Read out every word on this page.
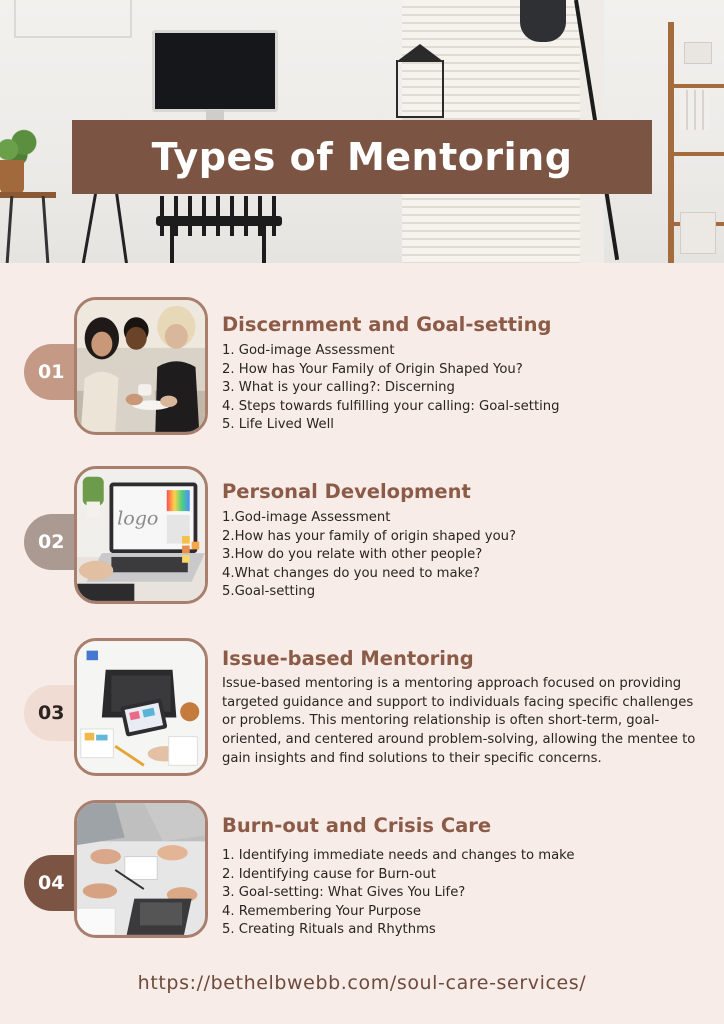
Types of Mentoring
01
Discernment and Goal-setting
1. God-image Assessment
2. How has Your Family of Origin Shaped You?
3. What is your calling?: Discerning
4. Steps towards fulfilling your calling: Goal-setting
5. Life Lived Well
02
logo
Personal Development
1.God-image Assessment
2.How has your family of origin shaped you?
3.How do you relate with other people?
4.What changes do you need to make?
5.Goal-setting
03
Issue-based Mentoring

Issue-based mentoring is a mentoring approach focused on providing targeted guidance and support to individuals facing specific challenges or problems. This mentoring relationship is often short-term, goal-oriented, and centered around problem-solving, allowing the mentee to gain insights and find solutions to their specific concerns.

04
Burn-out and Crisis Care
1. Identifying immediate needs and changes to make
2. Identifying cause for Burn-out
3. Goal-setting: What Gives You Life?
4. Remembering Your Purpose
5. Creating Rituals and Rhythms
https://bethelbwebb.com/soul-care-services/
